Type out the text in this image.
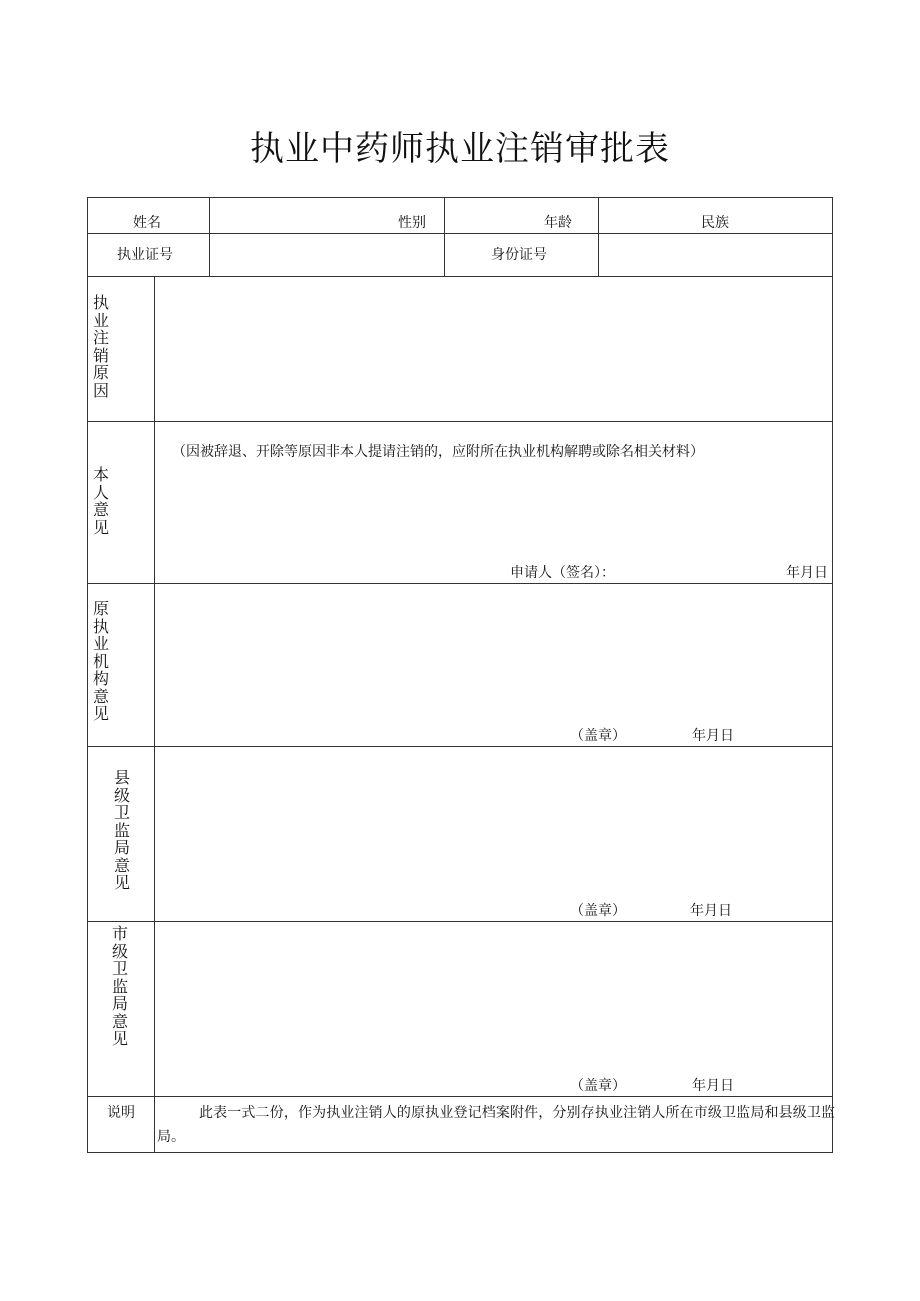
执业中药师执业注销审批表
姓名	性别	年龄	民族
执业证号	身份证号
执业注销原因
本人意见
（因被辞退、开除等原因非本人提请注销的，应附所在执业机构解聘或除名相关材料）
申请人（签名）：	年月日
原执业机构意见
（盖章）	年月日
县级卫监局意见
（盖章）	年月日
市级卫监局意见
（盖章）	年月日
说明	此表一式二份，作为执业注销人的原执业登记档案附件，分别存执业注销人所在市级卫监局和县级卫监局。
